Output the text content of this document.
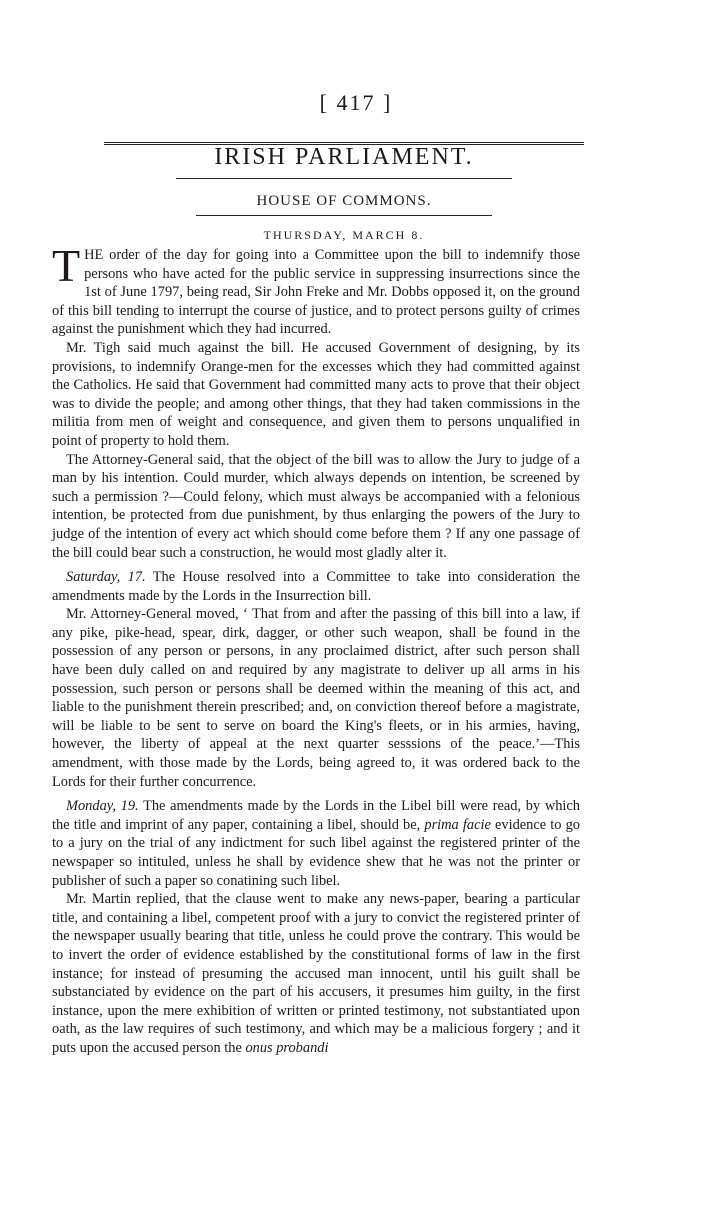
[ 417 ]
IRISH PARLIAMENT.
HOUSE OF COMMONS.
THURSDAY, MARCH 8.

THE order of the day for going into a Committee upon the bill to indemnify those persons who have acted for the public service in suppressing insurrections since the 1st of June 1797, being read, Sir John Freke and Mr. Dobbs opposed it, on the ground of this bill tending to interrupt the course of justice, and to protect persons guilty of crimes against the punishment which they had incurred.

Mr. Tigh said much against the bill. He accused Government of designing, by its provisions, to indemnify Orange-men for the excesses which they had committed against the Catholics. He said that Government had committed many acts to prove that their object was to divide the people; and among other things, that they had taken commissions in the militia from men of weight and consequence, and given them to persons unqualified in point of property to hold them.

The Attorney-General said, that the object of the bill was to allow the Jury to judge of a man by his intention. Could murder, which always depends on intention, be screened by such a permission ?—Could felony, which must always be accompanied with a felonious intention, be protected from due punishment, by thus enlarging the powers of the Jury to judge of the intention of every act which should come before them ? If any one passage of the bill could bear such a construction, he would most gladly alter it.

Saturday, 17. The House resolved into a Committee to take into consideration the amendments made by the Lords in the Insurrection bill.

Mr. Attorney-General moved, ‘ That from and after the passing of this bill into a law, if any pike, pike-head, spear, dirk, dagger, or other such weapon, shall be found in the possession of any person or persons, in any proclaimed district, after such person shall have been duly called on and required by any magistrate to deliver up all arms in his possession, such person or persons shall be deemed within the meaning of this act, and liable to the punishment therein prescribed; and, on conviction thereof before a magistrate, will be liable to be sent to serve on board the King's fleets, or in his armies, having, however, the liberty of appeal at the next quarter sesssions of the peace.’—This amendment, with those made by the Lords, being agreed to, it was ordered back to the Lords for their further concurrence.

Monday, 19. The amendments made by the Lords in the Libel bill were read, by which the title and imprint of any paper, containing a libel, should be, prima facie evidence to go to a jury on the trial of any indictment for such libel against the registered printer of the newspaper so intituled, unless he shall by evidence shew that he was not the printer or publisher of such a paper so conatining such libel.

Mr. Martin replied, that the clause went to make any news-paper, bearing a particular title, and containing a libel, competent proof with a jury to convict the registered printer of the newspaper usually bearing that title, unless he could prove the contrary. This would be to invert the order of evidence established by the constitutional forms of law in the first instance; for instead of presuming the accused man innocent, until his guilt shall be substanciated by evidence on the part of his accusers, it presumes him guilty, in the first instance, upon the mere exhibition of written or printed testimony, not substantiated upon oath, as the law requires of such testimony, and which may be a malicious forgery ; and it puts upon the accused person the onus probandi
